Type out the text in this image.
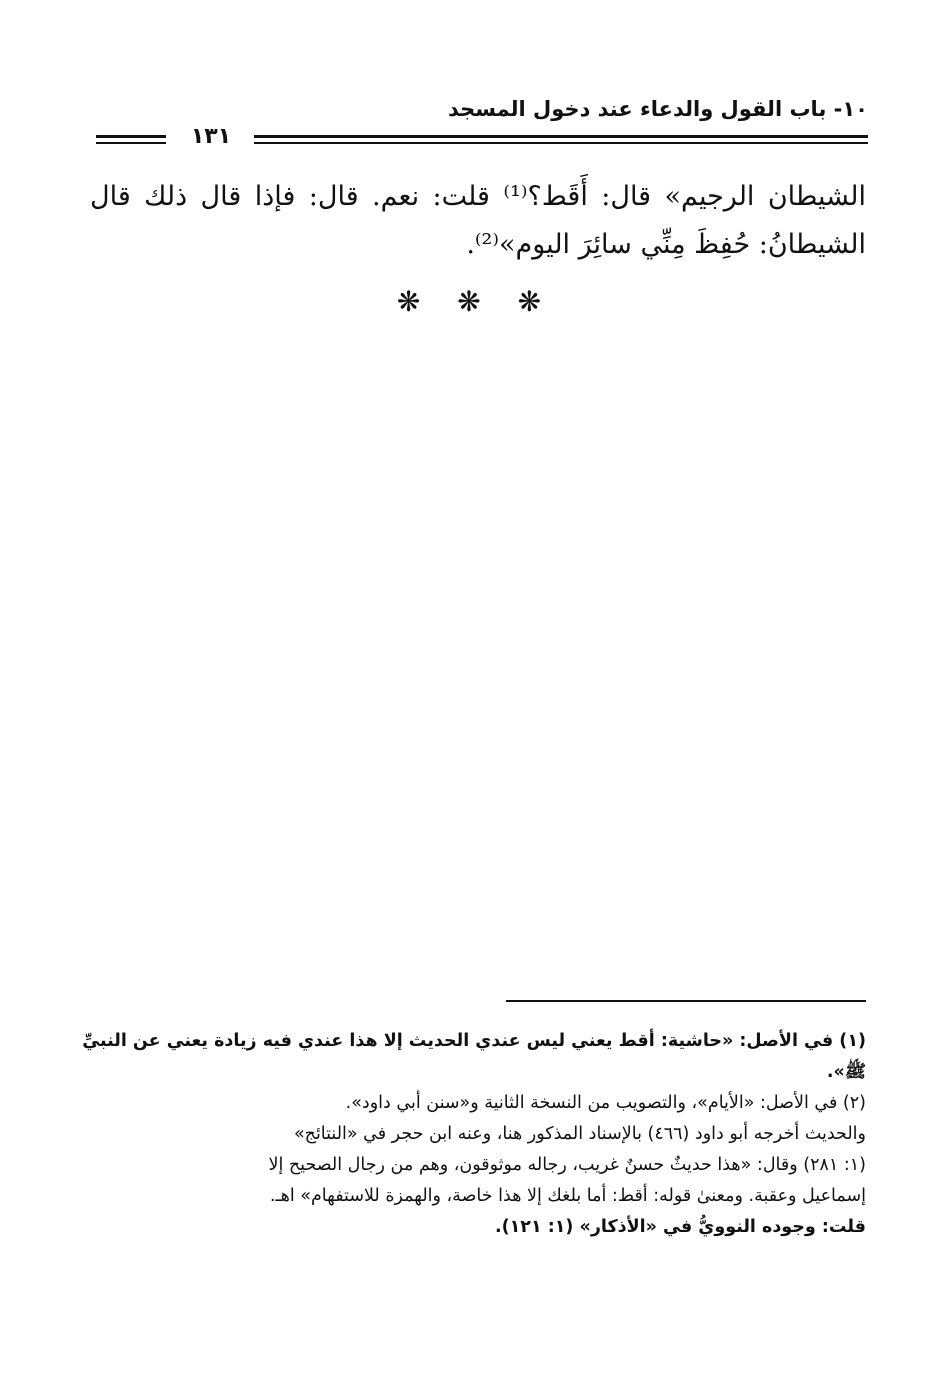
١٠- باب القول والدعاء عند دخول المسجد
١٣١
الشيطان الرجيم» قال: أَقَط؟⁽¹⁾ قلت: نعم. قال: فإذا قال ذلك قال
الشيطانُ: حُفِظَ مِنِّي سائِرَ اليوم»⁽²⁾.
❋ ❋ ❋
(١) في الأصل: «حاشية: أقط يعني ليس عندي الحديث إلا هذا عندي فيه زيادة يعني عن النبيِّ
ﷺ».
(٢) في الأصل: «الأيام»، والتصويب من النسخة الثانية و«سنن أبي داود».
والحديث أخرجه أبو داود (٤٦٦) بالإسناد المذكور هنا، وعنه ابن حجر في «النتائج»
(١: ٢٨١) وقال: «هذا حديثٌ حسنٌ غريب، رجاله موثوقون، وهم من رجال الصحيح إلا
إسماعيل وعقبة. ومعنىٰ قوله: أقط: أما بلغك إلا هذا خاصة، والهمزة للاستفهام» اهـ.
قلت: وجوده النوويُّ في «الأذكار» (١: ١٢١).
